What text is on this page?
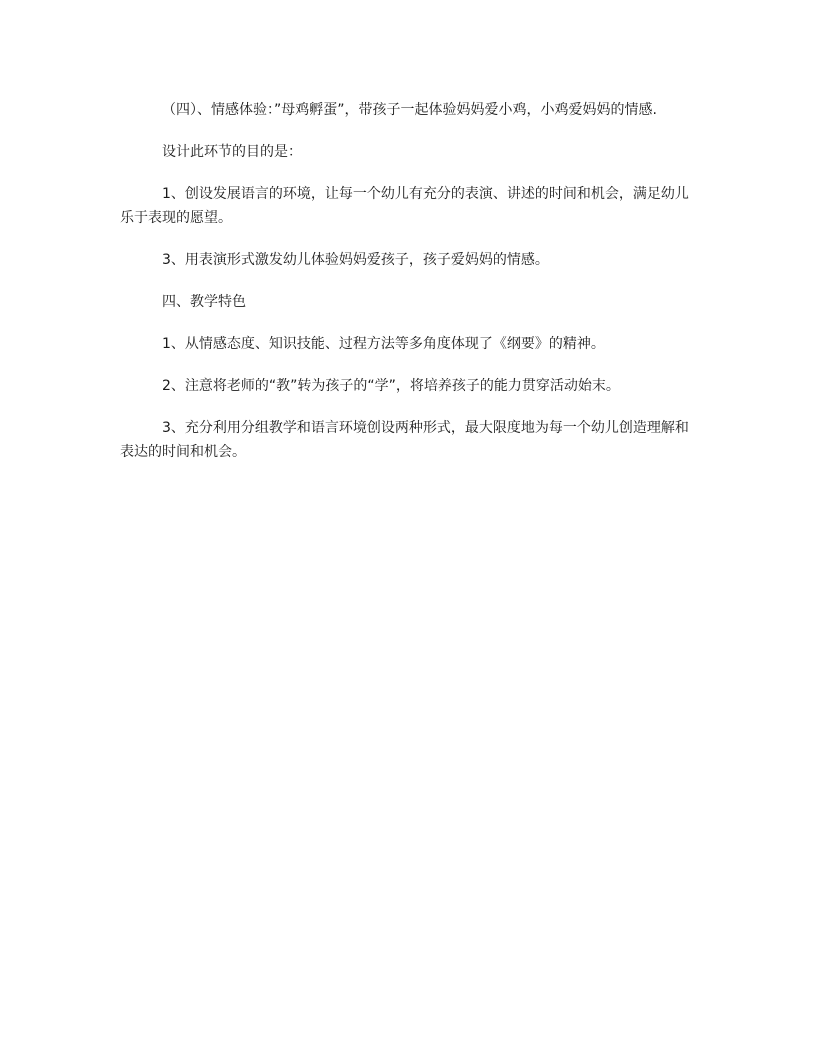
（四）、情感体验：”母鸡孵蛋”，带孩子一起体验妈妈爱小鸡，小鸡爱妈妈的情感.

设计此环节的目的是：

1、创设发展语言的环境，让每一个幼儿有充分的表演、讲述的时间和机会，满足幼儿乐于表现的愿望。

3、用表演形式激发幼儿体验妈妈爱孩子，孩子爱妈妈的情感。

四、教学特色

1、从情感态度、知识技能、过程方法等多角度体现了《纲要》的精神。

2、注意将老师的“教”转为孩子的“学”，将培养孩子的能力贯穿活动始末。

3、充分利用分组教学和语言环境创设两种形式，最大限度地为每一个幼儿创造理解和表达的时间和机会。
